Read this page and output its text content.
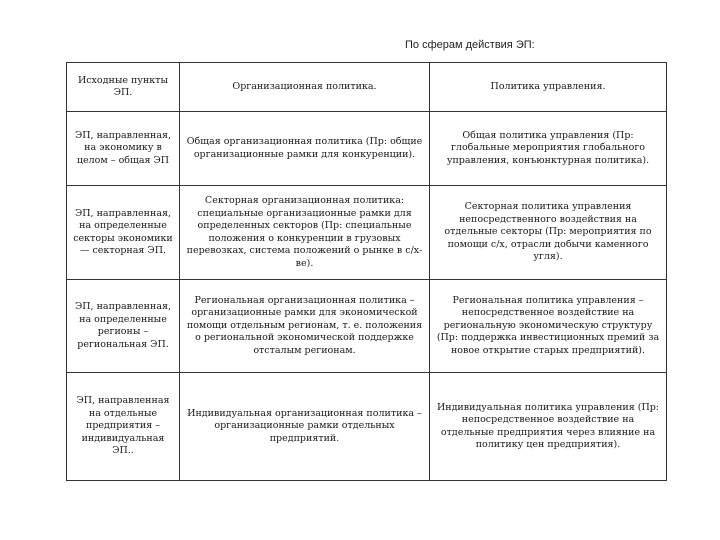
По сферам действия ЭП:
Исходные пункты ЭП.	Организационная политика.	Политика управления.
ЭП, направленная, на экономику в целом – общая ЭП	Общая организационная политика (Пр: общие организационные рамки для конкуренции).	Общая политика управления (Пр: глобальные мероприятия глобального управления, конъюнктурная политика).
ЭП, направленная, на определенные секторы экономики — секторная ЭП.	Секторная организационная политика: специальные организационные рамки для определенных секторов (Пр: специальные положения о конкуренции в грузовых перевозках, система положений о рынке в с/х-ве).	Секторная политика управления непосредственного воздействия на отдельные секторы (Пр: мероприятия по помощи с/х, отрасли добычи каменного угля).
ЭП, направленная, на определенные регионы – региональная ЭП.	Региональная организационная политика – организационные рамки для экономической помощи отдельным регионам, т. е. положения о региональной экономической поддержке отсталым регионам.	Региональная политика управления – непосредственное воздействие на региональную экономическую структуру (Пр: поддержка инвестиционных премий за новое открытие старых предприятий).
ЭП, направленная на отдельные предприятия – индивидуальная ЭП..	Индивидуальная организационная политика – организационные рамки отдельных предприятий.	Индивидуальная политика управления (Пр: непосредственное воздействие на отдельные предприятия через влияние на политику цен предприятия).
